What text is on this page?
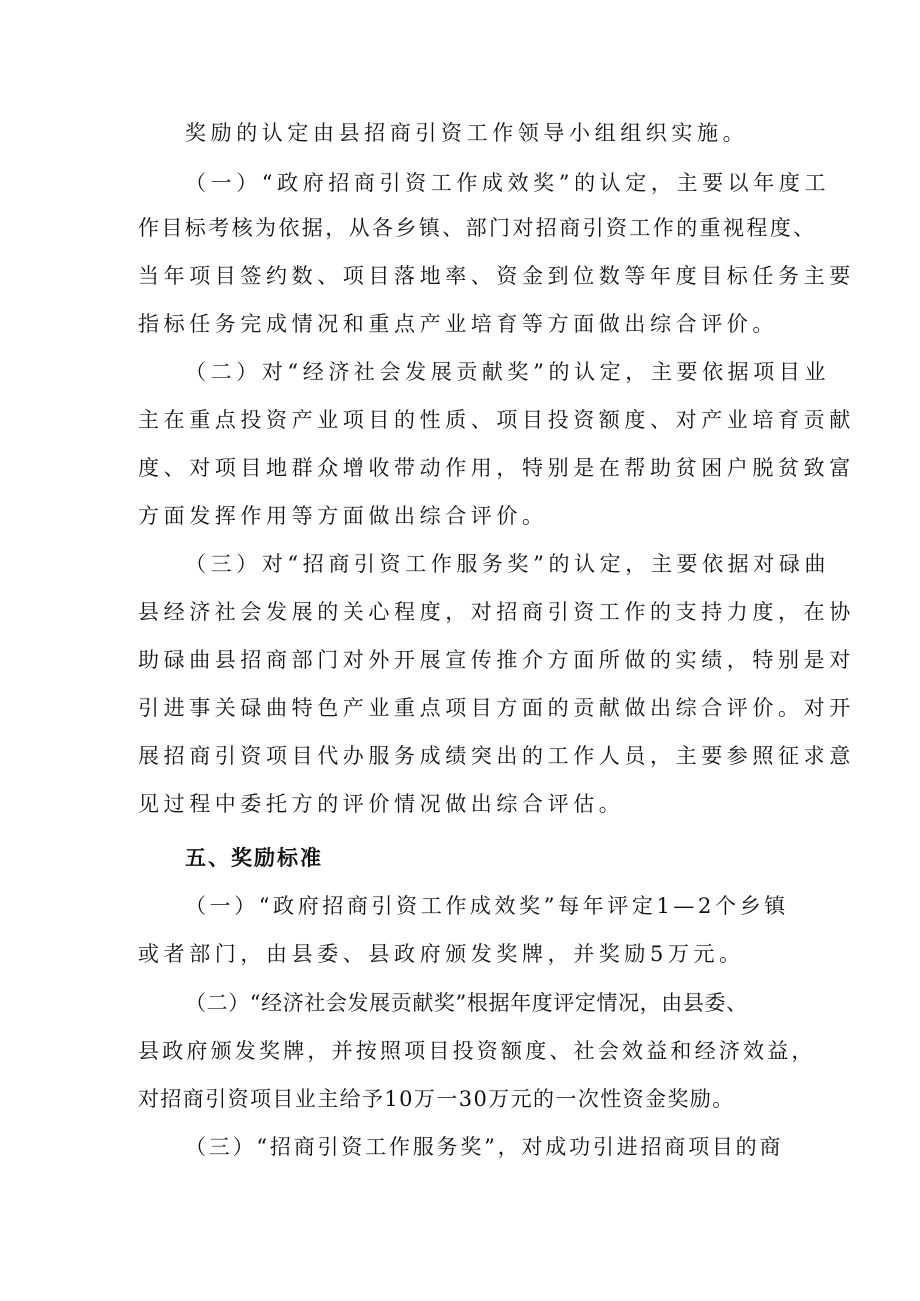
奖励的认定由县招商引资工作领导小组组织实施。
（一）“政府招商引资工作成效奖”的认定，主要以年度工
作目标考核为依据，从各乡镇、部门对招商引资工作的重视程度、
当年项目签约数、项目落地率、资金到位数等年度目标任务主要
指标任务完成情况和重点产业培育等方面做出综合评价。
（二）对“经济社会发展贡献奖”的认定，主要依据项目业
主在重点投资产业项目的性质、项目投资额度、对产业培育贡献
度、对项目地群众增收带动作用，特别是在帮助贫困户脱贫致富
方面发挥作用等方面做出综合评价。
（三）对“招商引资工作服务奖”的认定，主要依据对碌曲
县经济社会发展的关心程度，对招商引资工作的支持力度，在协
助碌曲县招商部门对外开展宣传推介方面所做的实绩，特别是对
引进事关碌曲特色产业重点项目方面的贡献做出综合评价。对开
展招商引资项目代办服务成绩突出的工作人员，主要参照征求意
见过程中委托方的评价情况做出综合评估。
五、奖励标准
（一）“政府招商引资工作成效奖”每年评定1—2个乡镇
或者部门，由县委、县政府颁发奖牌，并奖励5万元。
（二）“经济社会发展贡献奖”根据年度评定情况，由县委、
县政府颁发奖牌，并按照项目投资额度、社会效益和经济效益，
对招商引资项目业主给予10万一30万元的一次性资金奖励。
（三）“招商引资工作服务奖”，对成功引进招商项目的商
